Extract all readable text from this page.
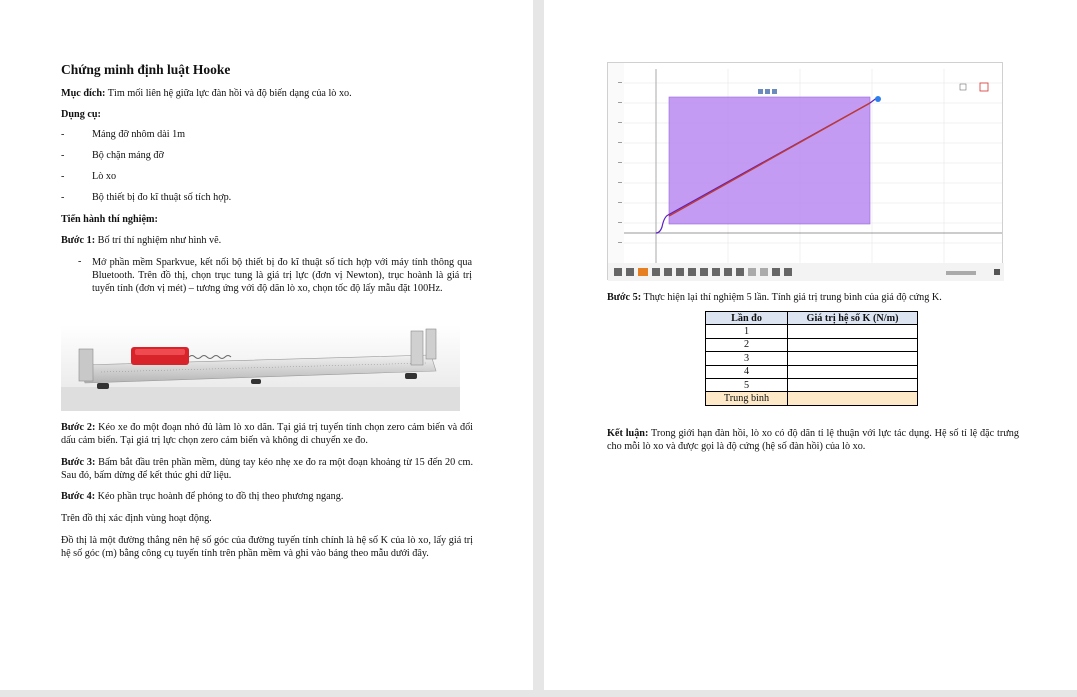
Chứng minh định luật Hooke
Mục đích: Tìm mối liên hệ giữa lực đàn hồi và độ biến dạng của lò xo.
Dụng cụ:
-	Máng đỡ nhôm dài 1m
-	Bộ chặn máng đỡ
-	Lò xo
-	Bộ thiết bị đo kĩ thuật số tích hợp.
Tiến hành thí nghiệm:
Bước 1: Bố trí thí nghiệm như hình vẽ.
- Mở phần mềm Sparkvue, kết nối bộ thiết bị đo kĩ thuật số tích hợp với máy tính thông qua Bluetooth. Trên đồ thị, chọn trục tung là giá trị lực (đơn vị Newton), trục hoành là giá trị tuyến tính (đơn vị mét) – tương ứng với độ dãn lò xo, chọn tốc độ lấy mẫu đặt 100Hz.
Bước 2: Kéo xe đo một đoạn nhỏ đủ làm lò xo dãn. Tại giá trị tuyến tính chọn zero cảm biến và đổi dấu cảm biến. Tại giá trị lực chọn zero cảm biến và không di chuyển xe đo.
Bước 3: Bấm bắt đầu trên phần mềm, dùng tay kéo nhẹ xe đo ra một đoạn khoảng từ 15 đến 20 cm. Sau đó, bấm dừng để kết thúc ghi dữ liệu.
Bước 4: Kéo phần trục hoành để phóng to đồ thị theo phương ngang.
Trên đồ thị xác định vùng hoạt động.
Đồ thị là một đường thẳng nên hệ số góc của đường tuyến tính chính là hệ số K của lò xo, lấy giá trị hệ số góc (m) bằng công cụ tuyến tính trên phần mềm và ghi vào bảng theo mẫu dưới đây.
Bước 5: Thực hiện lại thí nghiệm 5 lần. Tính giá trị trung bình của giá độ cứng K.
Lần đo	Giá trị hệ số K (N/m)
1	
2	
3	
4	
5	
Trung bình	
Kết luận: Trong giới hạn đàn hồi, lò xo có độ dãn tỉ lệ thuận với lực tác dụng. Hệ số tỉ lệ đặc trưng cho mỗi lò xo và được gọi là độ cứng (hệ số đàn hồi) của lò xo.
